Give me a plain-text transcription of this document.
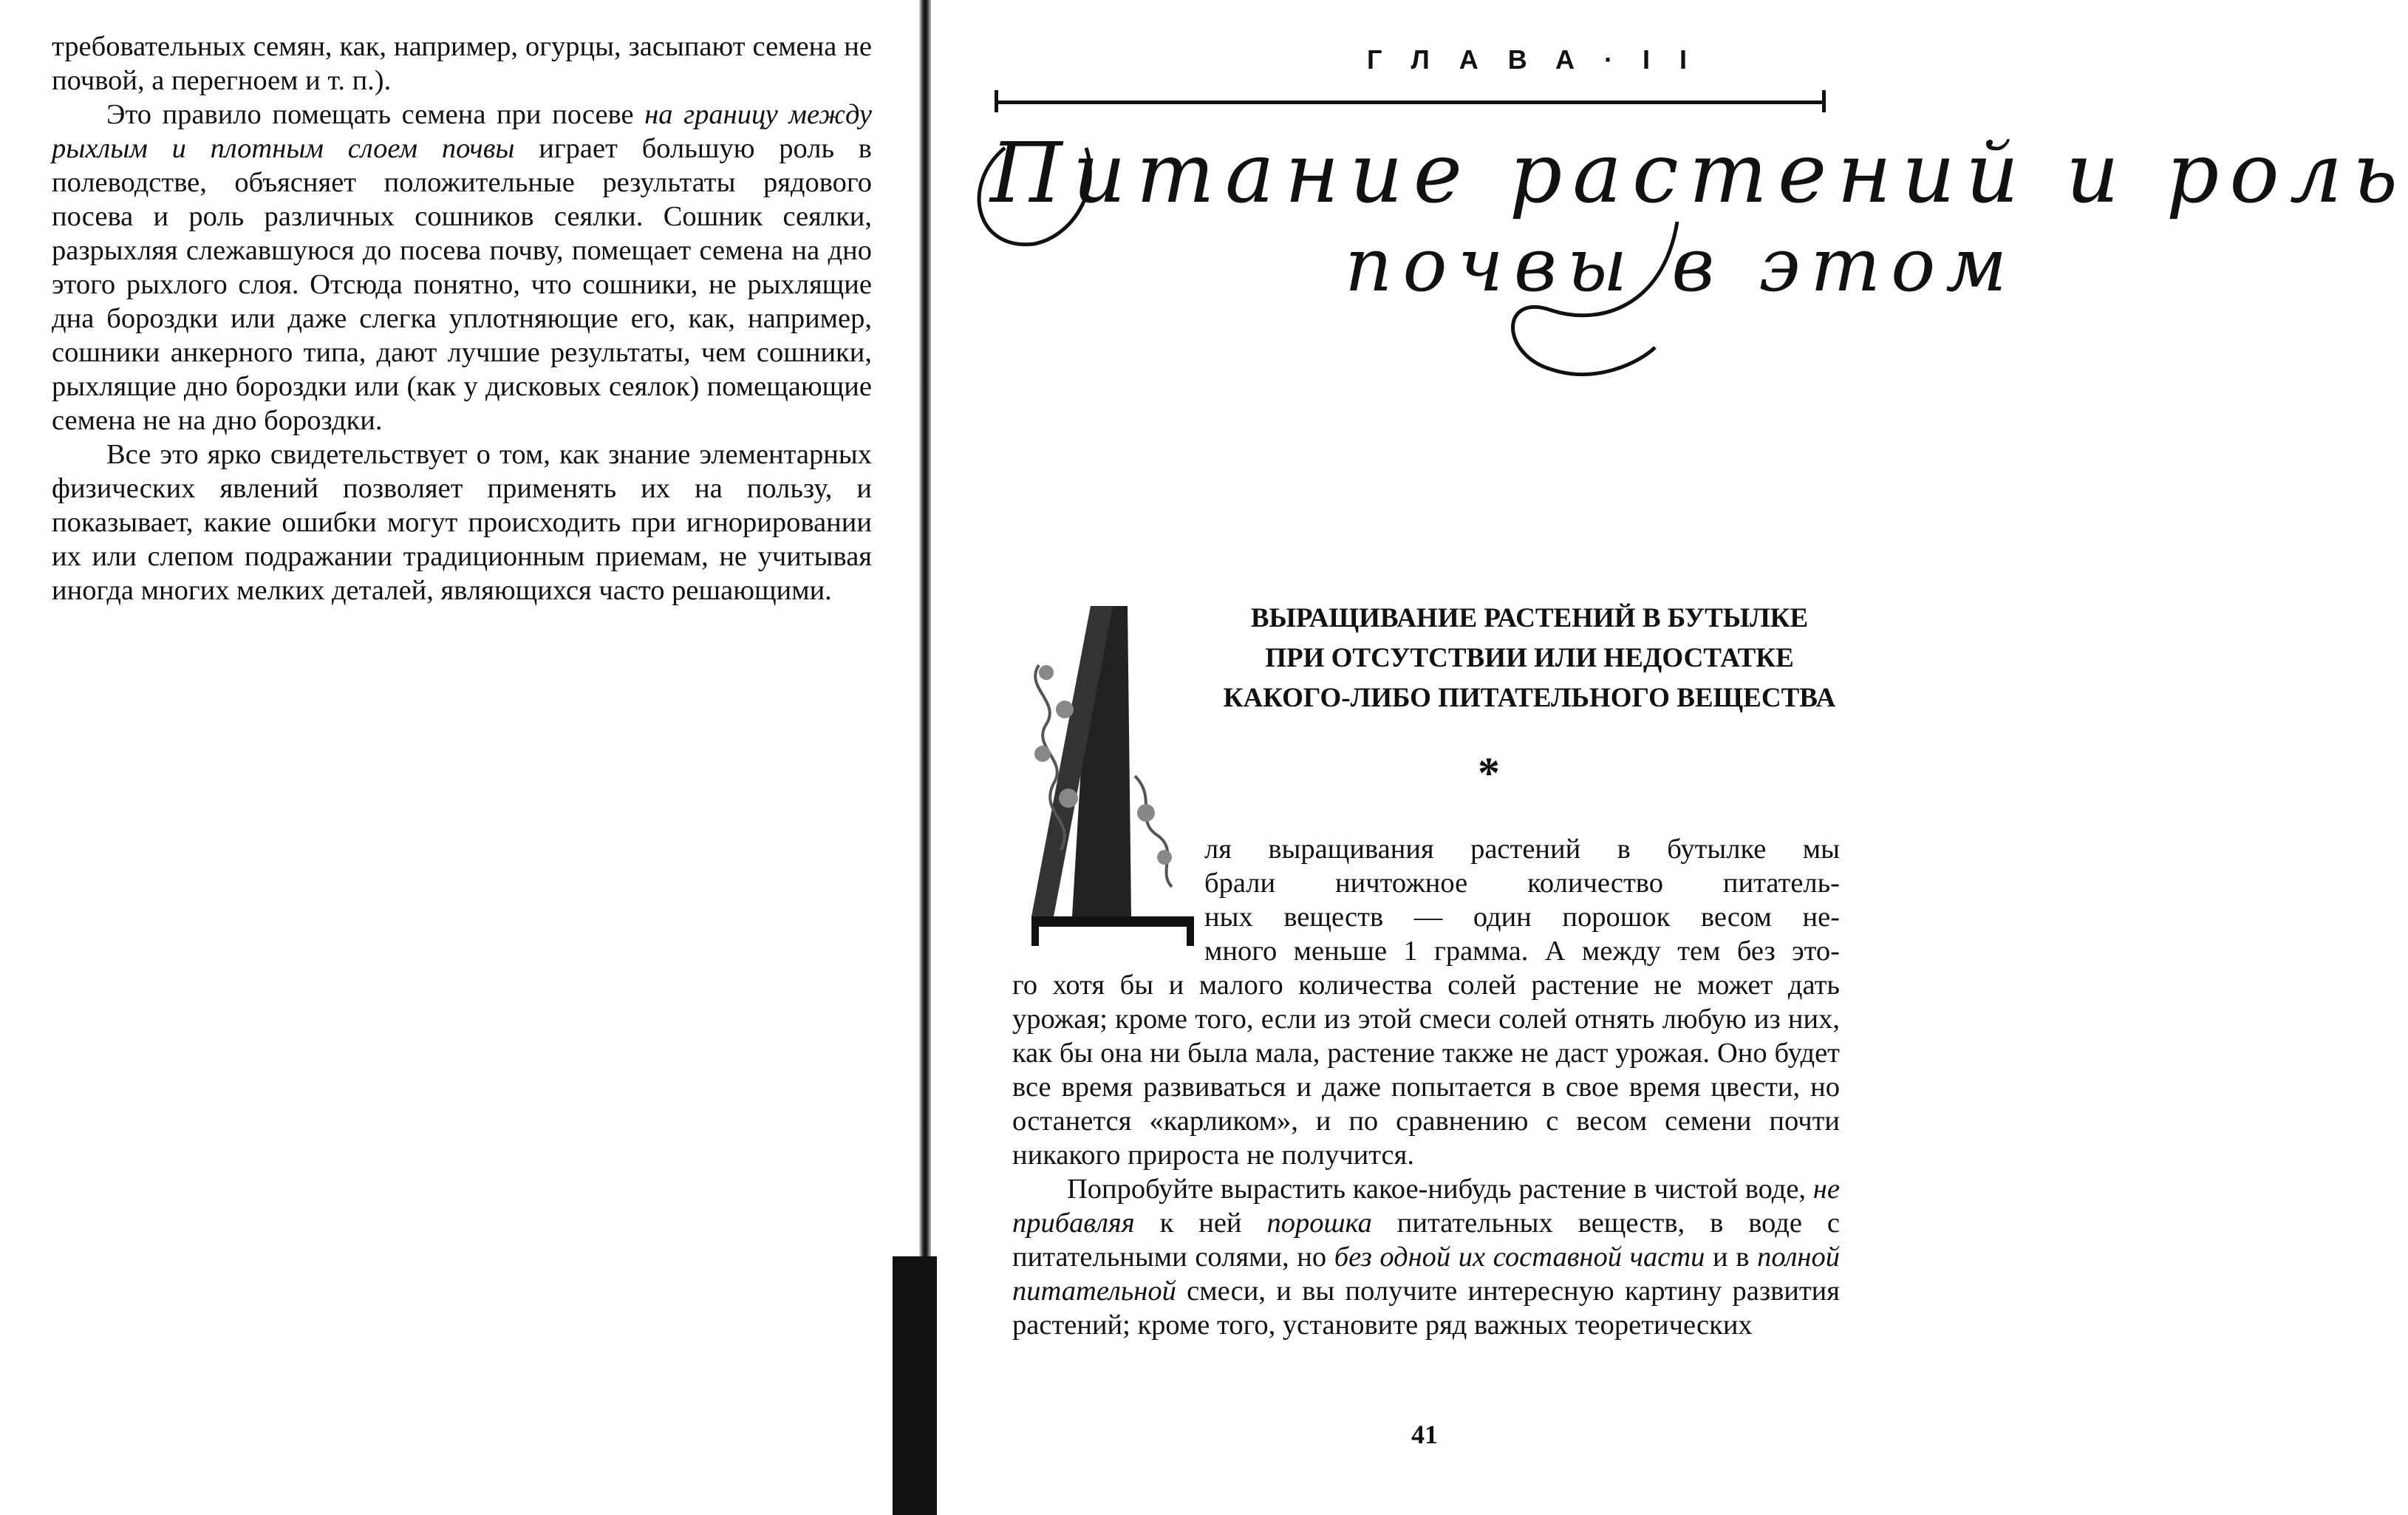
требовательных семян, как, например, огурцы, засыпают семена не почвой, а перегноем и т. п.).

Это правило помещать семена при посеве на границу между рыхлым и плотным слоем почвы играет большую роль в полеводстве, объясняет положительные результаты рядового посева и роль различных сошников сеялки. Сошник сеялки, разрыхляя слежавшуюся до посева почву, помещает семена на дно этого рыхлого слоя. Отсюда понятно, что сошники, не рыхлящие дна бороздки или даже слегка уплотняющие его, как, например, сошники анкерного типа, дают лучшие результаты, чем сошники, рыхлящие дно бороздки или (как у дисковых сеялок) помещающие семена не на дно бороздки.

Все это ярко свидетельствует о том, как знание элементарных физических явлений позволяет применять их на пользу, и показывает, какие ошибки могут происходить при игнорировании их или слепом подражании традиционным приемам, не учитывая иногда многих мелких деталей, являющихся часто решающими.

ГЛАВА·II
Питание растений и роль
почвы в этом
ВЫРАЩИВАНИЕ РАСТЕНИЙ В БУТЫЛКЕ
ПРИ ОТСУТСТВИИ ИЛИ НЕДОСТАТКЕ
КАКОГО-ЛИБО ПИТАТЕЛЬНОГО ВЕЩЕСТВА
*
Д
ля выращивания растений в бутылке мы
брали ничтожное количество питатель-
ных веществ — один порошок весом не-
много меньше 1 грамма. А между тем без это-

го хотя бы и малого количества солей растение не может дать урожая; кроме того, если из этой смеси солей отнять любую из них, как бы она ни была мала, растение также не даст урожая. Оно будет все время развиваться и даже попытается в свое время цвести, но останется «карликом», и по сравнению с весом семени почти никакого прироста не получится.

Попробуйте вырастить какое-нибудь растение в чистой воде, не прибавляя к ней порошка питательных веществ, в воде с питательными солями, но без одной их составной части и в полной питательной смеси, и вы получите интересную картину развития растений; кроме того, установите ряд важных теоретических

41
